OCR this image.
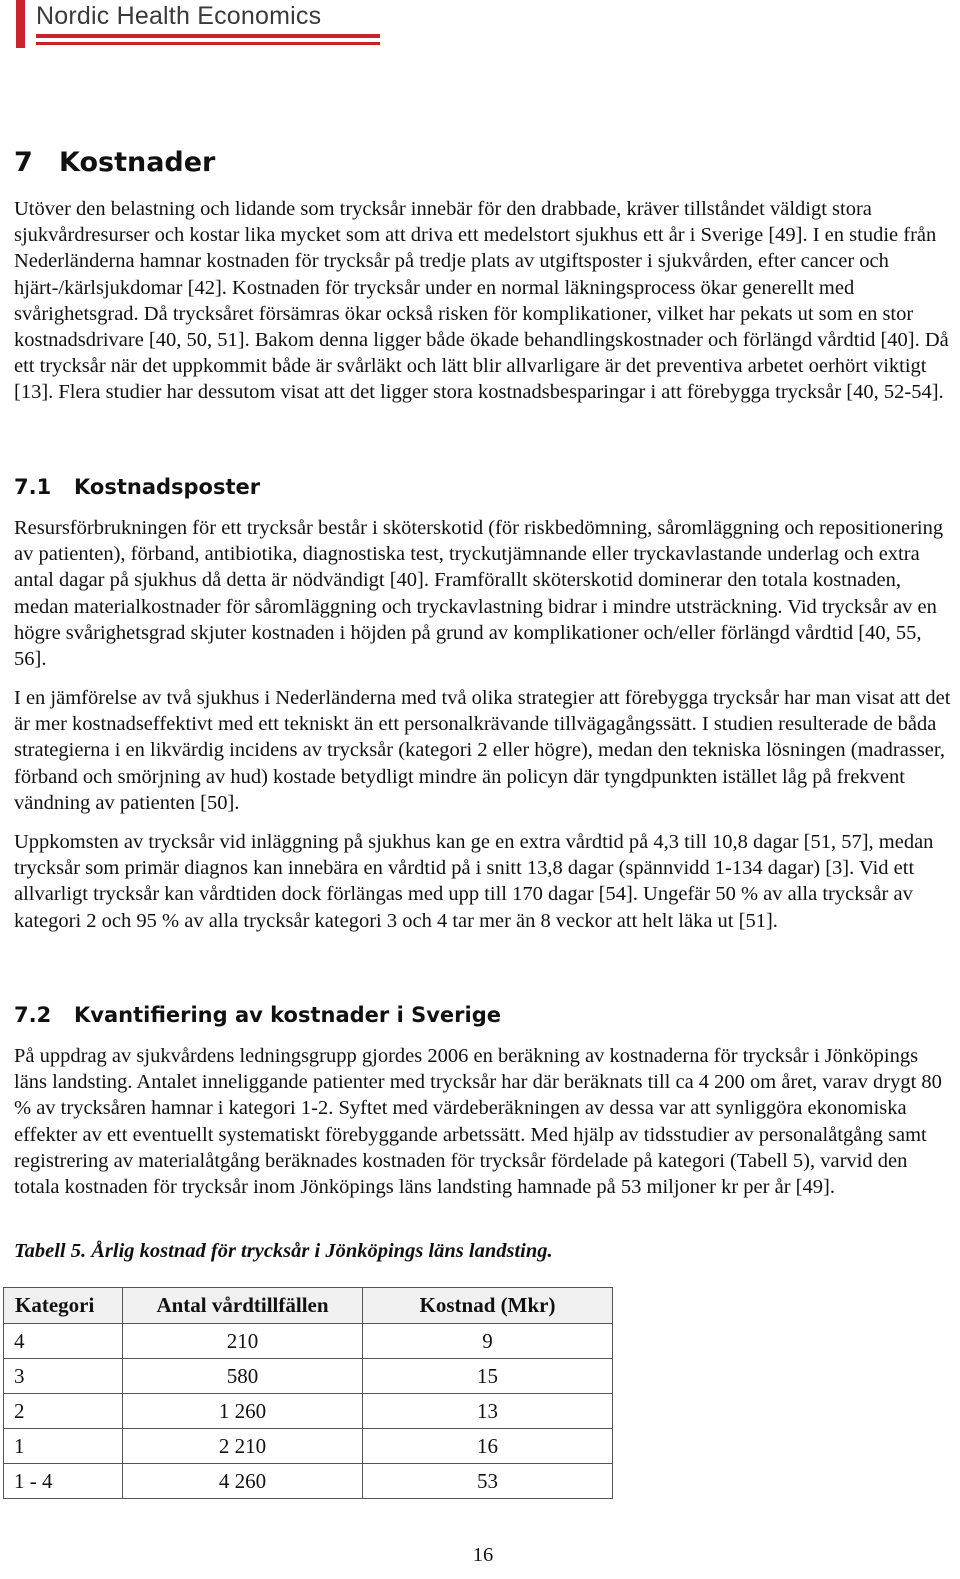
Nordic Health Economics
7 Kostnader

Utöver den belastning och lidande som trycksår innebär för den drabbade, kräver tillståndet väldigt stora sjukvårdresurser och kostar lika mycket som att driva ett medelstort sjukhus ett år i Sverige [49]. I en studie från Nederländerna hamnar kostnaden för trycksår på tredje plats av utgiftsposter i sjukvården, efter cancer och hjärt-/kärlsjukdomar [42]. Kostnaden för trycksår under en normal läkningsprocess ökar generellt med svårighetsgrad. Då trycksåret försämras ökar också risken för komplikationer, vilket har pekats ut som en stor kostnadsdrivare [40, 50, 51]. Bakom denna ligger både ökade behandlingskostnader och förlängd vårdtid [40]. Då ett trycksår när det uppkommit både är svårläkt och lätt blir allvarligare är det preventiva arbetet oerhört viktigt [13]. Flera studier har dessutom visat att det ligger stora kostnadsbesparingar i att förebygga trycksår [40, 52-54].

7.1 Kostnadsposter

Resursförbrukningen för ett trycksår består i sköterskotid (för riskbedömning, såromläggning och repositionering av patienten), förband, antibiotika, diagnostiska test, tryckutjämnande eller tryckavlastande underlag och extra antal dagar på sjukhus då detta är nödvändigt [40]. Framförallt sköterskotid dominerar den totala kostnaden, medan materialkostnader för såromläggning och tryckavlastning bidrar i mindre utsträckning. Vid trycksår av en högre svårighetsgrad skjuter kostnaden i höjden på grund av komplikationer och/eller förlängd vårdtid [40, 55, 56].

I en jämförelse av två sjukhus i Nederländerna med två olika strategier att förebygga trycksår har man visat att det är mer kostnadseffektivt med ett tekniskt än ett personalkrävande tillvägagångssätt. I studien resulterade de båda strategierna i en likvärdig incidens av trycksår (kategori 2 eller högre), medan den tekniska lösningen (madrasser, förband och smörjning av hud) kostade betydligt mindre än policyn där tyngdpunkten istället låg på frekvent vändning av patienten [50].

Uppkomsten av trycksår vid inläggning på sjukhus kan ge en extra vårdtid på 4,3 till 10,8 dagar [51, 57], medan trycksår som primär diagnos kan innebära en vårdtid på i snitt 13,8 dagar (spännvidd 1-134 dagar) [3]. Vid ett allvarligt trycksår kan vårdtiden dock förlängas med upp till 170 dagar [54]. Ungefär 50 % av alla trycksår av kategori 2 och 95 % av alla trycksår kategori 3 och 4 tar mer än 8 veckor att helt läka ut [51].

7.2 Kvantifiering av kostnader i Sverige

På uppdrag av sjukvårdens ledningsgrupp gjordes 2006 en beräkning av kostnaderna för trycksår i Jönköpings läns landsting. Antalet inneliggande patienter med trycksår har där beräknats till ca 4 200 om året, varav drygt 80 % av trycksåren hamnar i kategori 1-2. Syftet med värdeberäkningen av dessa var att synliggöra ekonomiska effekter av ett eventuellt systematiskt förebyggande arbetssätt. Med hjälp av tidsstudier av personalåtgång samt registrering av materialåtgång beräknades kostnaden för trycksår fördelade på kategori (Tabell 5), varvid den totala kostnaden för trycksår inom Jönköpings läns landsting hamnade på 53 miljoner kr per år [49].

Tabell 5. Årlig kostnad för trycksår i Jönköpings läns landsting.

Kategori	Antal vårdtillfällen	Kostnad (Mkr)
4	210	9
3	580	15
2	1 260	13
1	2 210	16
1 - 4	4 260	53
16
